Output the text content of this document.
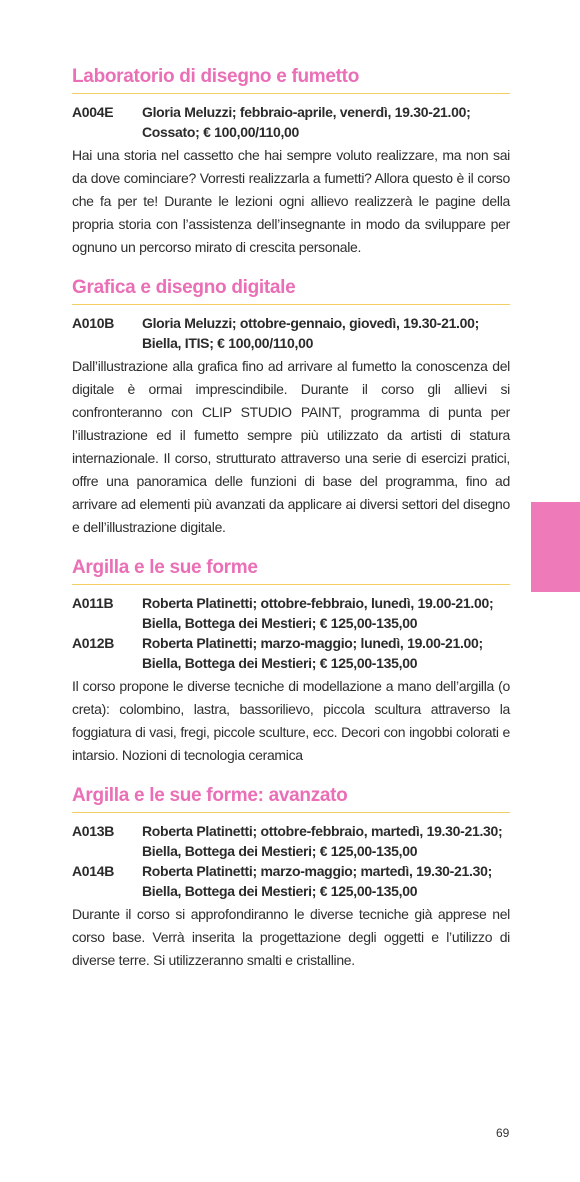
Laboratorio di disegno e fumetto
A004E	Gloria Meluzzi; febbraio-aprile, venerdì, 19.30-21.00;
Cossato; € 100,00/110,00

Hai una storia nel cassetto che hai sempre voluto realizzare, ma non sai da dove cominciare? Vorresti realizzarla a fumetti? Allora questo è il corso che fa per te! Durante le lezioni ogni allievo realizzerà le pagine della propria storia con l’assistenza dell’insegnante in modo da sviluppare per ognuno un percorso mirato di crescita personale.

Grafica e disegno digitale
A010B	Gloria Meluzzi; ottobre-gennaio, giovedì, 19.30-21.00;
Biella, ITIS; € 100,00/110,00

Dall’illustrazione alla grafica fino ad arrivare al fumetto la conoscenza del digitale è ormai imprescindibile. Durante il corso gli allievi si confronteranno con CLIP STUDIO PAINT, programma di punta per l’illustrazione ed il fumetto sempre più utilizzato da artisti di statura internazionale. Il corso, strutturato attraverso una serie di esercizi pratici, offre una panoramica delle funzioni di base del programma, fino ad arrivare ad elementi più avanzati da applicare ai diversi settori del disegno e dell’illustrazione digitale.

Argilla e le sue forme
A011B	Roberta Platinetti; ottobre-febbraio, lunedì, 19.00-21.00;
Biella, Bottega dei Mestieri; € 125,00-135,00
A012B	Roberta Platinetti; marzo-maggio; lunedì, 19.00-21.00;
Biella, Bottega dei Mestieri; € 125,00-135,00

Il corso propone le diverse tecniche di modellazione a mano dell’argilla (o creta): colombino, lastra, bassorilievo, piccola scultura attraverso la foggiatura di vasi, fregi, piccole sculture, ecc. Decori con ingobbi colorati e intarsio. Nozioni di tecnologia ceramica

Argilla e le sue forme: avanzato
A013B	Roberta Platinetti; ottobre-febbraio, martedì, 19.30-21.30;
Biella, Bottega dei Mestieri; € 125,00-135,00
A014B	Roberta Platinetti; marzo-maggio; martedì, 19.30-21.30;
Biella, Bottega dei Mestieri; € 125,00-135,00

Durante il corso si approfondiranno le diverse tecniche già apprese nel corso base. Verrà inserita la progettazione degli oggetti e l’utilizzo di diverse terre. Si utilizzeranno smalti e cristalline.

69
